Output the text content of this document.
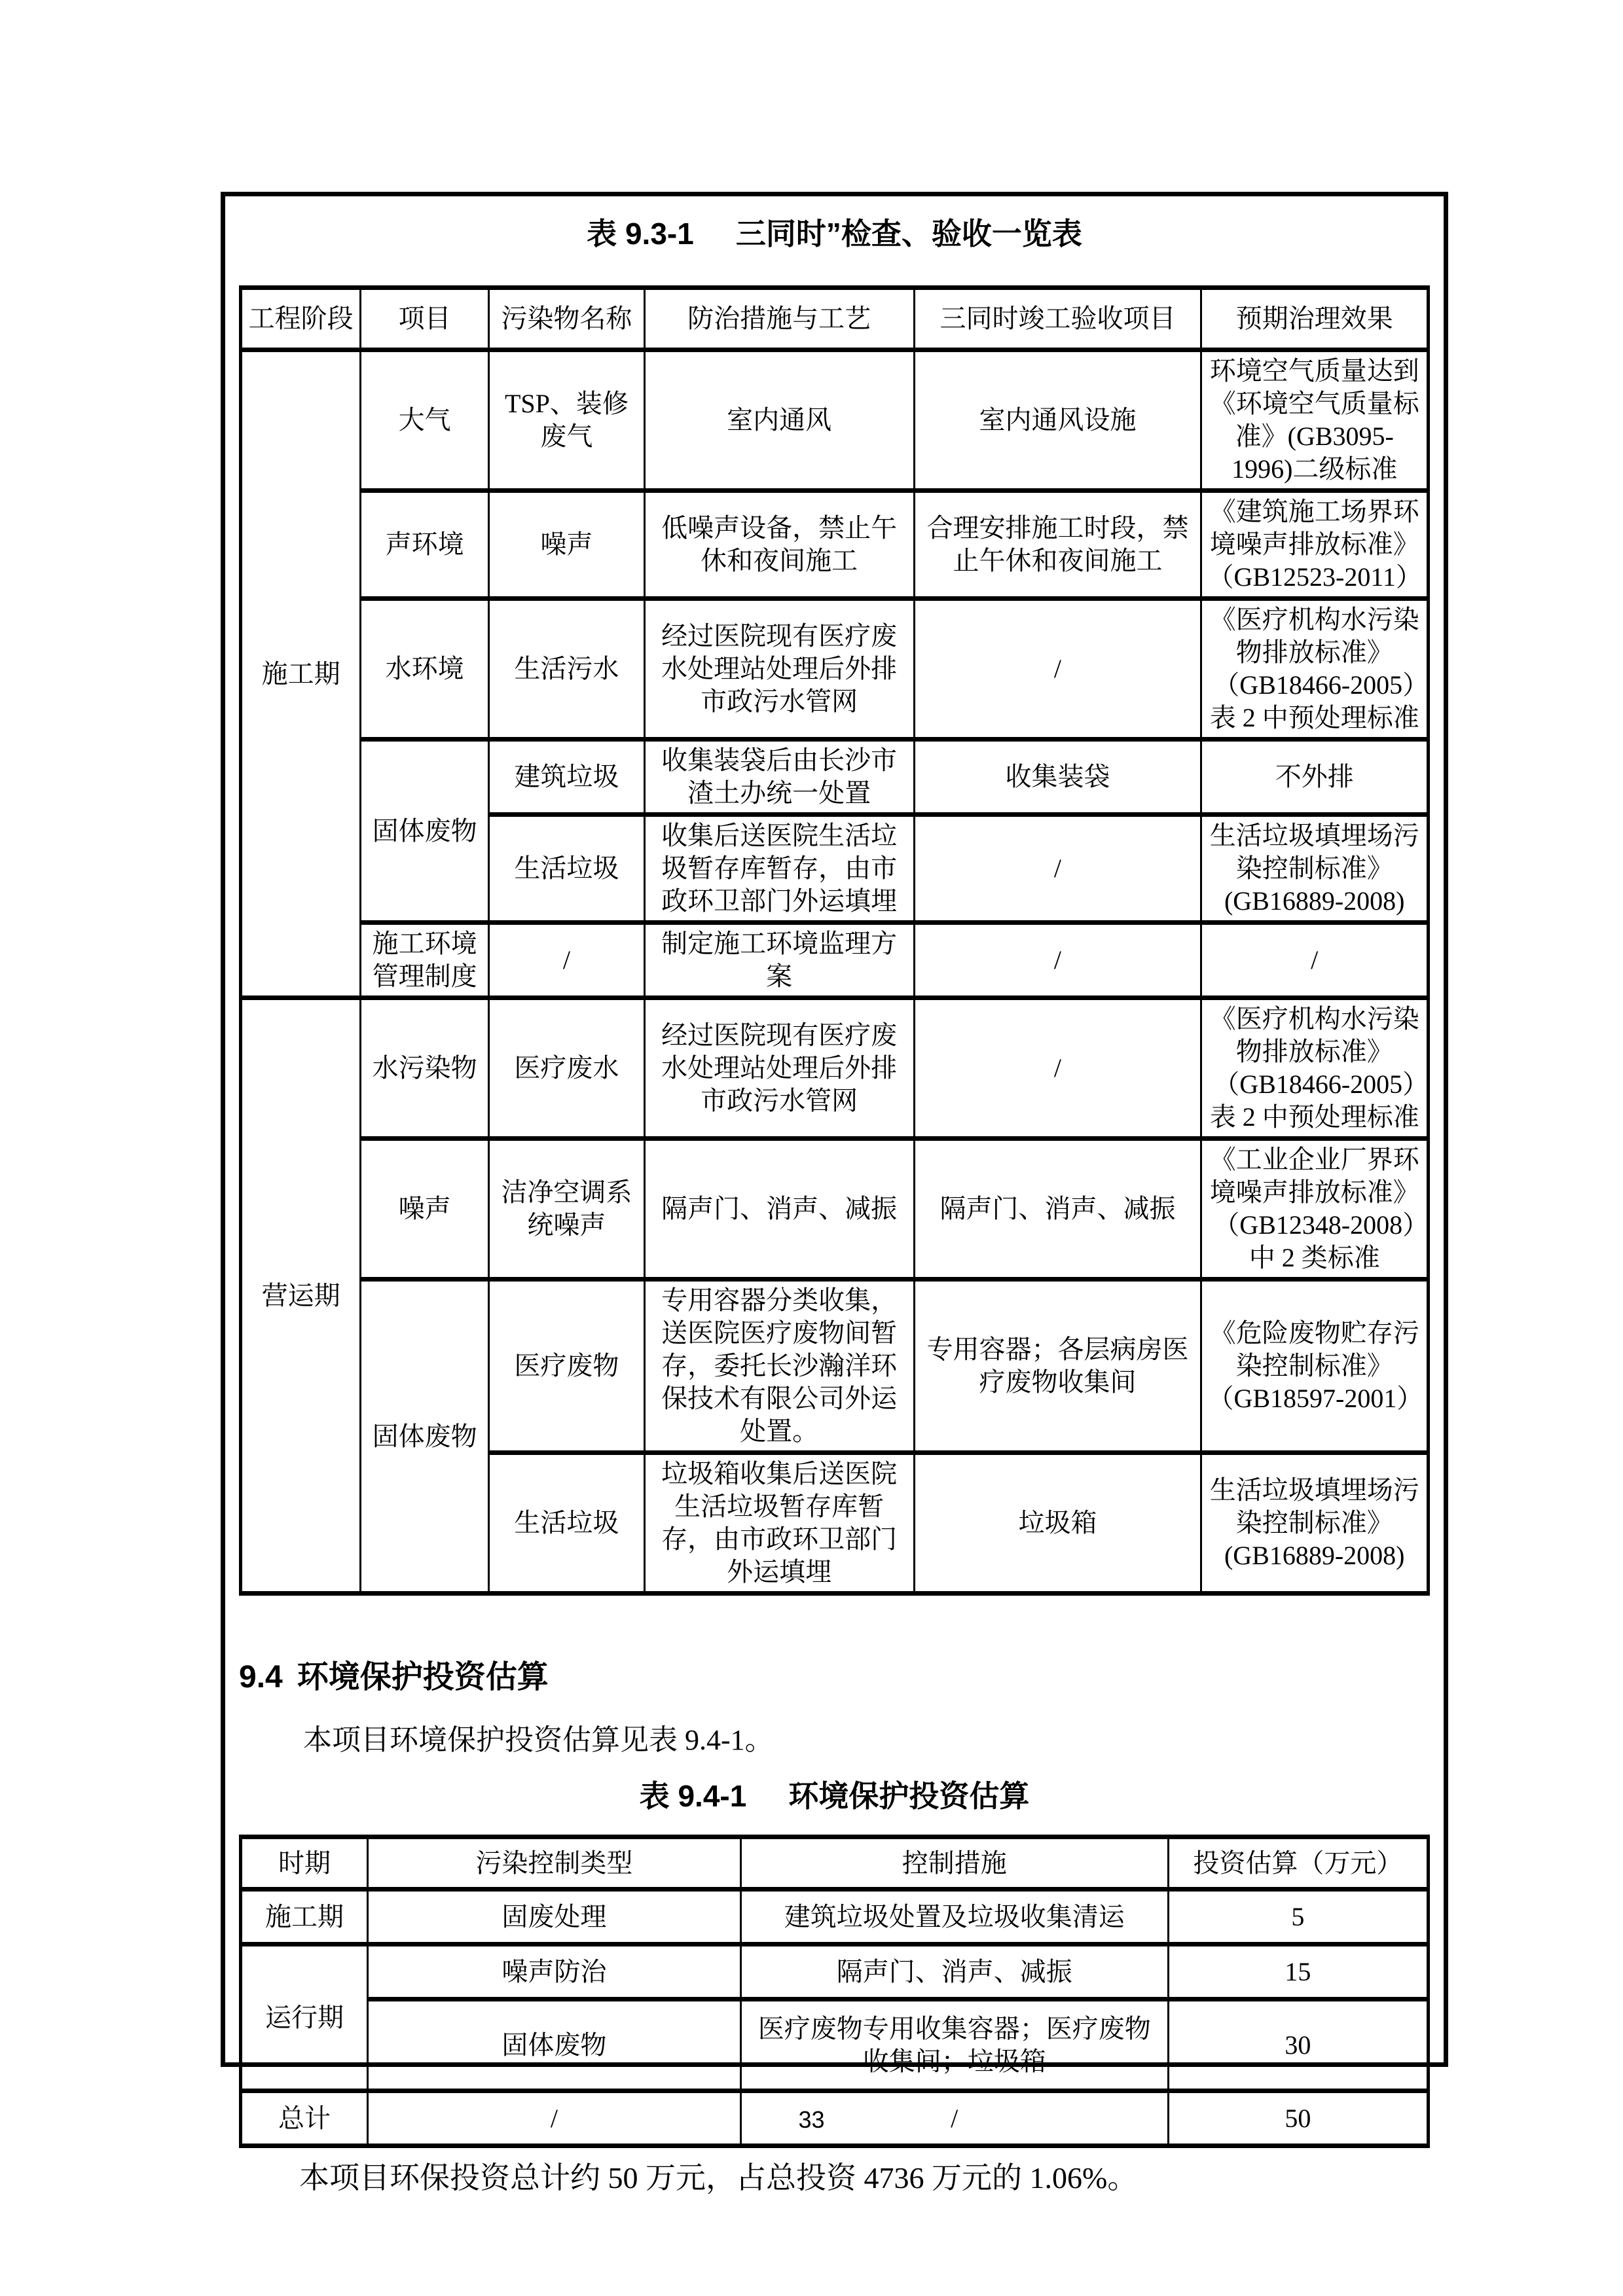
表 9.3-1 三同时”检查、验收一览表
工程阶段	项目	污染物名称	防治措施与工艺	三同时竣工验收项目	预期治理效果
施工期	大气	TSP、装修废气	室内通风	室内通风设施	环境空气质量达到《环境空气质量标准》(GB3095-1996)二级标准
	声环境	噪声	低噪声设备，禁止午休和夜间施工	合理安排施工时段，禁止午休和夜间施工	《建筑施工场界环境噪声排放标准》（GB12523-2011）
	水环境	生活污水	经过医院现有医疗废水处理站处理后外排市政污水管网	/	《医疗机构水污染物排放标准》（GB18466-2005）表 2 中预处理标准
	固体废物	建筑垃圾	收集装袋后由长沙市渣土办统一处置	收集装袋	不外排
		生活垃圾	收集后送医院生活垃圾暂存库暂存，由市政环卫部门外运填埋	/	生活垃圾填埋场污染控制标准》(GB16889-2008)
	施工环境管理制度	/	制定施工环境监理方案	/	/
营运期	水污染物	医疗废水	经过医院现有医疗废水处理站处理后外排市政污水管网	/	《医疗机构水污染物排放标准》（GB18466-2005）表 2 中预处理标准
	噪声	洁净空调系统噪声	隔声门、消声、减振	隔声门、消声、减振	《工业企业厂界环境噪声排放标准》（GB12348-2008）中 2 类标准
	固体废物	医疗废物	专用容器分类收集，送医院医疗废物间暂存，委托长沙瀚洋环保技术有限公司外运处置。	专用容器；各层病房医疗废物收集间	《危险废物贮存污染控制标准》（GB18597-2001）
		生活垃圾	垃圾箱收集后送医院生活垃圾暂存库暂存，由市政环卫部门外运填埋	垃圾箱	生活垃圾填埋场污染控制标准》(GB16889-2008)
9.4 环境保护投资估算

本项目环境保护投资估算见表 9.4-1。

表 9.4-1 环境保护投资估算
时期	污染控制类型	控制措施	投资估算（万元）
施工期	固废处理	建筑垃圾处置及垃圾收集清运	5
运行期	噪声防治	隔声门、消声、减振	15
	固体废物	医疗废物专用收集容器；医疗废物收集间；垃圾箱	30
总计	/	/	50

本项目环保投资总计约 50 万元，占总投资 4736 万元的 1.06%。

33
